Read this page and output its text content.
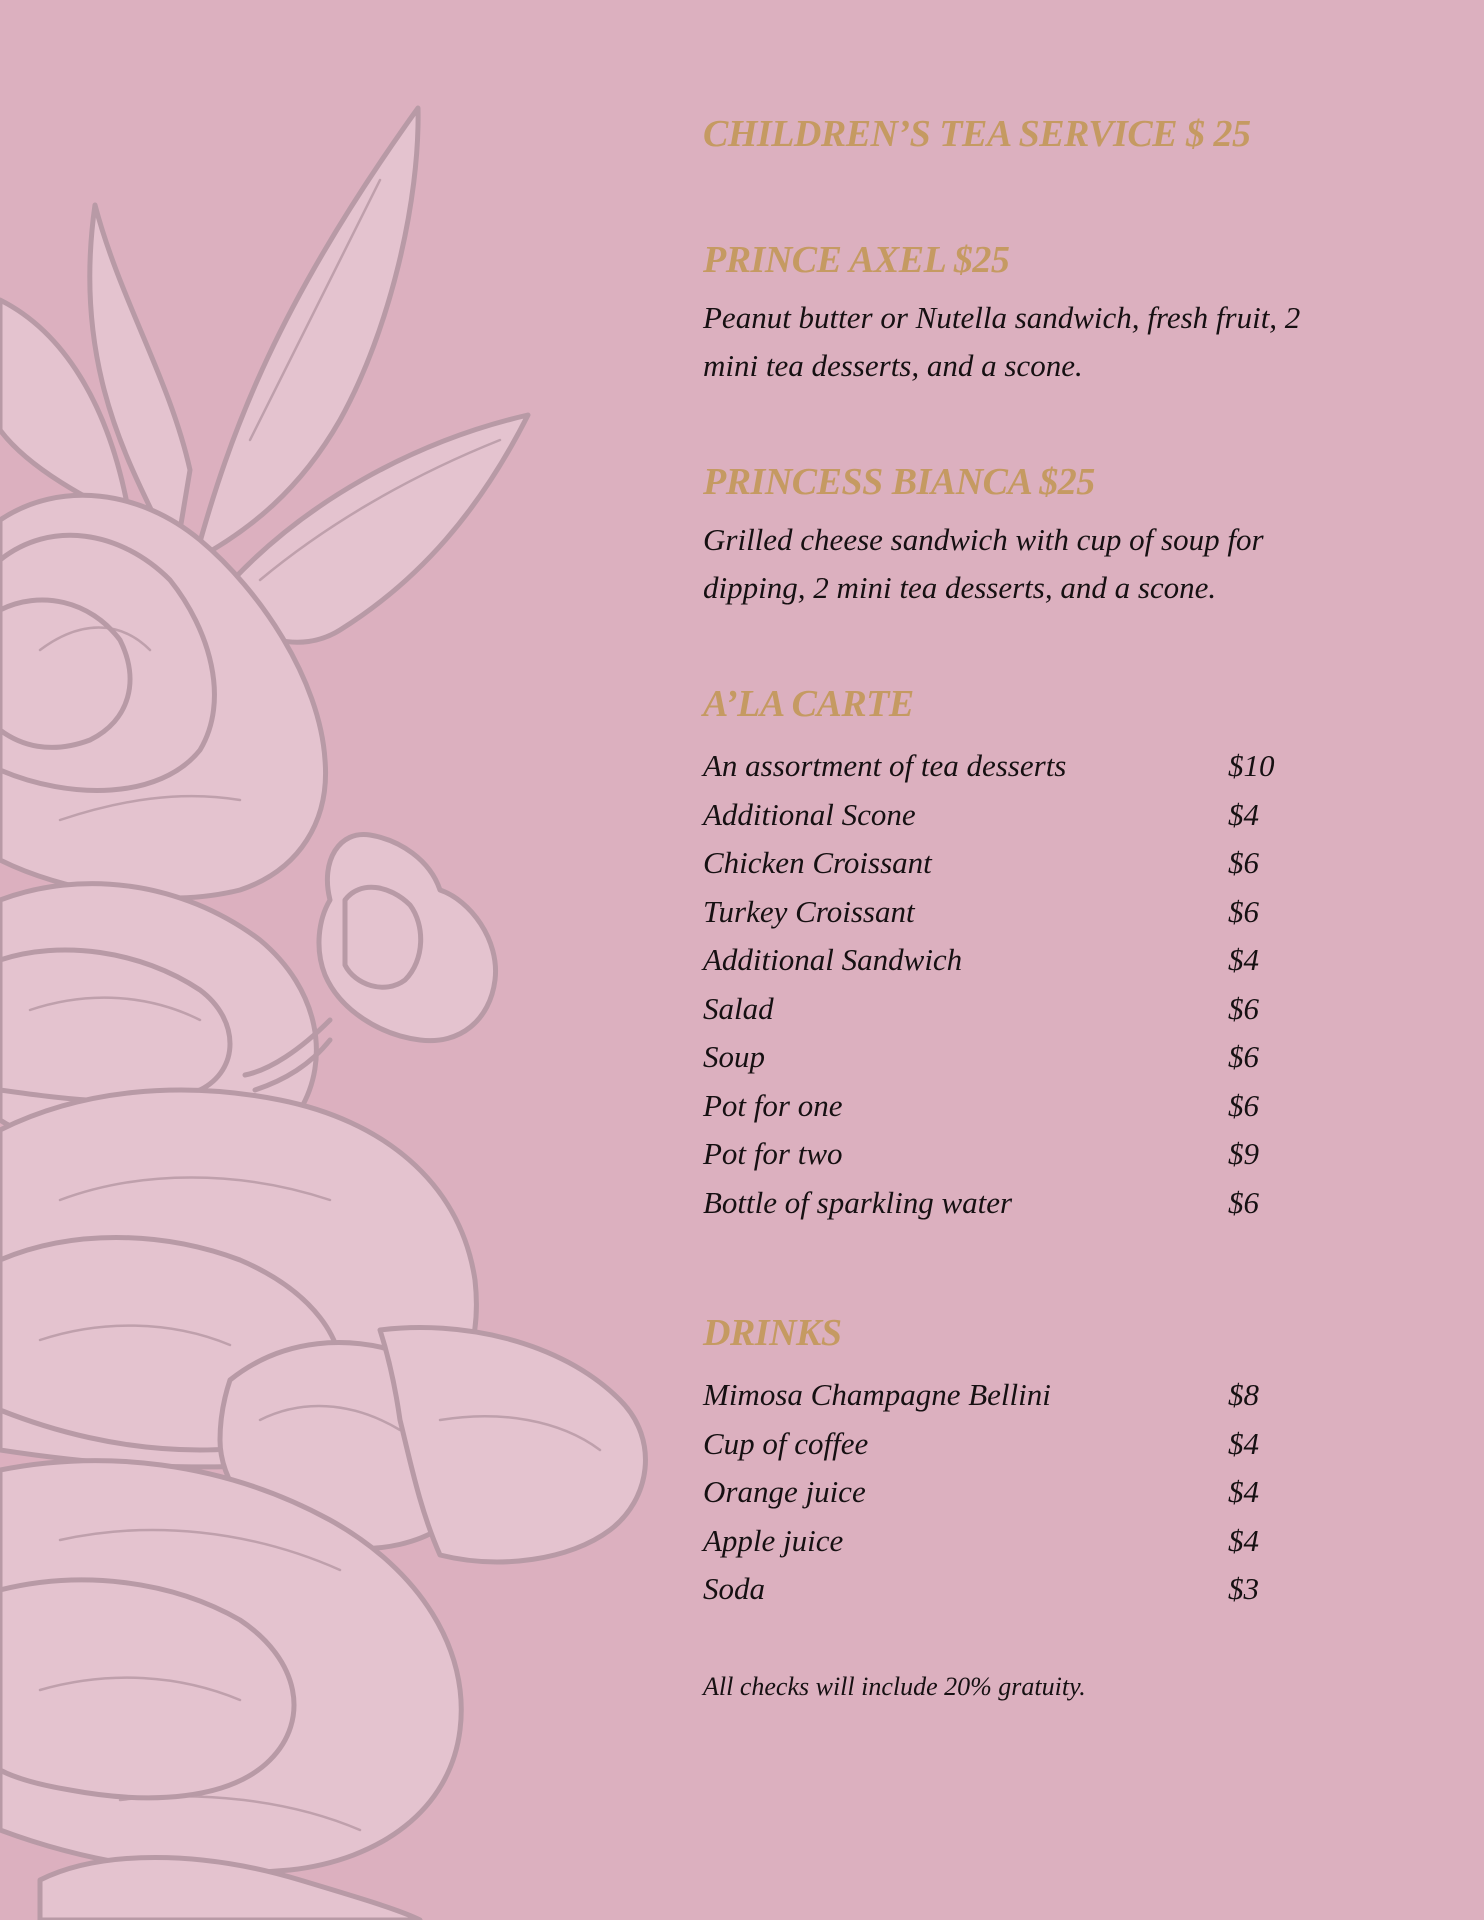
CHILDREN’S TEA SERVICE $ 25
PRINCE AXEL $25

Peanut butter or Nutella sandwich, fresh fruit, 2 mini tea desserts, and a scone.

PRINCESS BIANCA $25

Grilled cheese sandwich with cup of soup for dipping, 2 mini tea desserts, and a scone.

A’LA CARTE
An assortment of tea desserts	$10
Additional Scone	$4
Chicken Croissant	$6
Turkey Croissant	$6
Additional Sandwich	$4
Salad	$6
Soup	$6
Pot for one	$6
Pot for two	$9
Bottle of sparkling water	$6
DRINKS
Mimosa Champagne Bellini	$8
Cup of coffee	$4
Orange juice	$4
Apple juice	$4
Soda	$3
All checks will include 20% gratuity.
